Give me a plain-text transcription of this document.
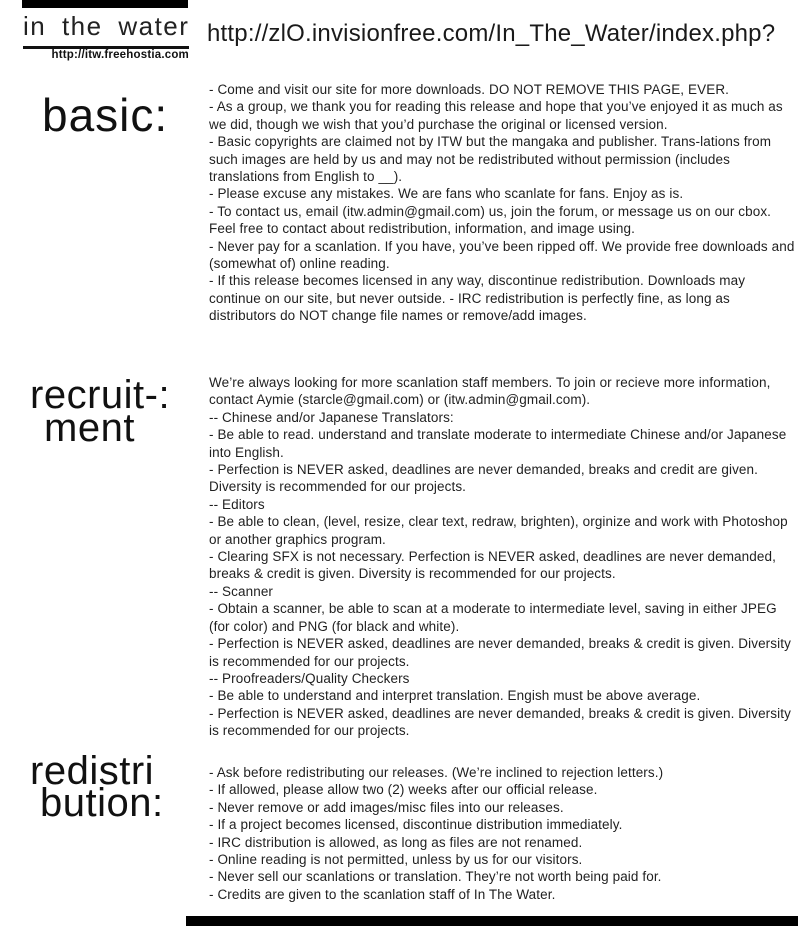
in the water
http://itw.freehostia.com
http://zlO.invisionfree.com/In_The_Water/index.php?
basic:	- Come and visit our site for more downloads. DO NOT REMOVE THIS PAGE, EVER.
- As a group, we thank you for reading this release and hope that you’ve enjoyed it as much as we did, though we wish that you’d purchase the original or licensed version.
- Basic copyrights are claimed not by ITW but the mangaka and publisher. Trans-lations from such images are held by us and may not be redistributed without permission (includes translations from English to __).
- Please excuse any mistakes. We are fans who scanlate for fans. Enjoy as is.
- To contact us, email (itw.admin@gmail.com) us, join the forum, or message us on our cbox. Feel free to contact about redistribution, information, and image using.
- Never pay for a scanlation. If you have, you’ve been ripped off. We provide free downloads and (somewhat of) online reading.
- If this release becomes licensed in any way, discontinue redistribution. Downloads may continue on our site, but never outside. - IRC redistribution is perfectly fine, as long as distributors do NOT change file names or remove/add images.
recruit-:
ment
We’re always looking for more scanlation staff members. To join or recieve more information, contact Aymie (starcle@gmail.com) or (itw.admin@gmail.com).
-- Chinese and/or Japanese Translators:
- Be able to read. understand and translate moderate to intermediate Chinese and/or Japanese into English.
- Perfection is NEVER asked, deadlines are never demanded, breaks and credit are given. Diversity is recommended for our projects.
-- Editors
- Be able to clean, (level, resize, clear text, redraw, brighten), orginize and work with Photoshop or another graphics program.
- Clearing SFX is not necessary. Perfection is NEVER asked, deadlines are never demanded, breaks & credit is given. Diversity is recommended for our projects.
-- Scanner
- Obtain a scanner, be able to scan at a moderate to intermediate level, saving in either JPEG (for color) and PNG (for black and white).
- Perfection is NEVER asked, deadlines are never demanded, breaks & credit is given. Diversity is recommended for our projects.
-- Proofreaders/Quality Checkers
- Be able to understand and interpret translation. Engish must be above average.
- Perfection is NEVER asked, deadlines are never demanded, breaks & credit is given. Diversity is recommended for our projects.
redistri
bution:
- Ask before redistributing our releases. (We’re inclined to rejection letters.)
- If allowed, please allow two (2) weeks after our official release.
- Never remove or add images/misc files into our releases.
- If a project becomes licensed, discontinue distribution immediately.
- IRC distribution is allowed, as long as files are not renamed.
- Online reading is not permitted, unless by us for our visitors.
- Never sell our scanlations or translation. They’re not worth being paid for.
- Credits are given to the scanlation staff of In The Water.
